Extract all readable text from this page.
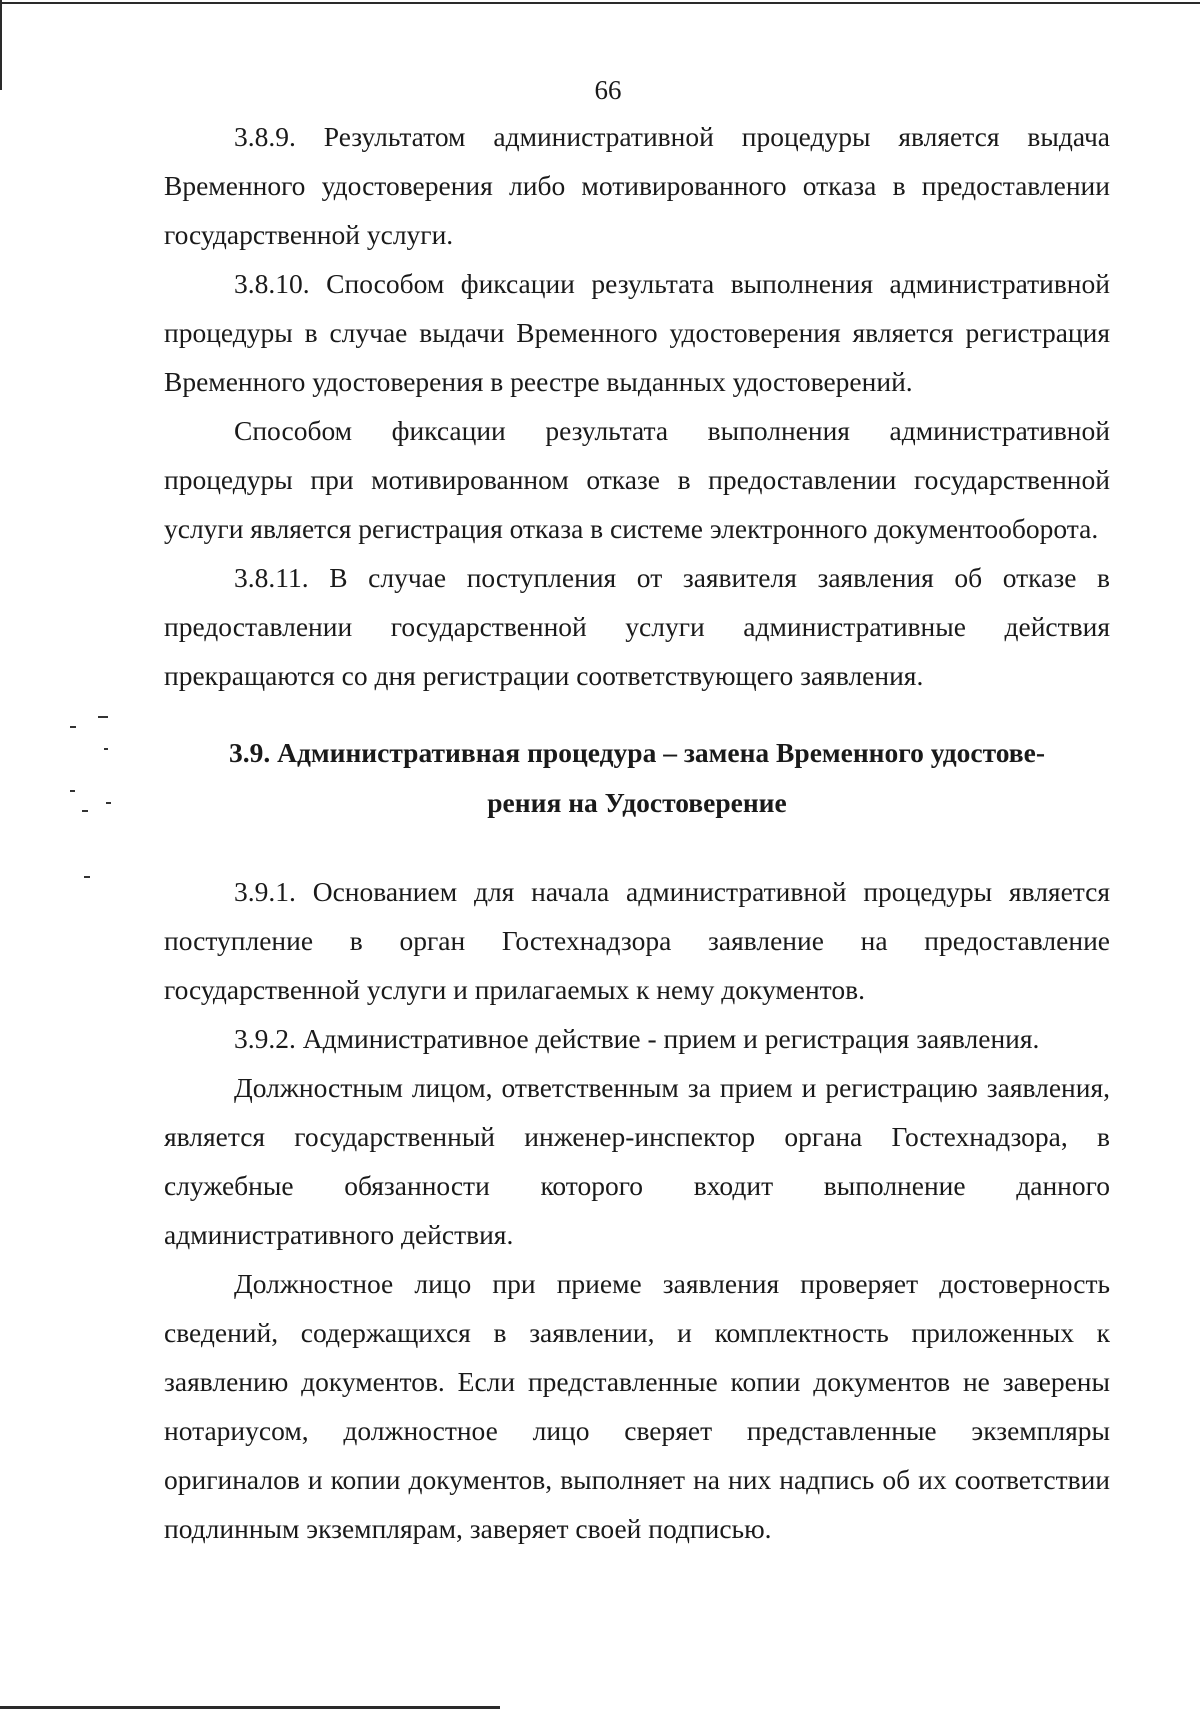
66

3.8.9. Результатом административной процедуры является выдача Временного удостоверения либо мотивированного отказа в предоставлении государственной услуги.

3.8.10. Способом фиксации результата выполнения административной процедуры в случае выдачи Временного удостоверения является регистрация Временного удостоверения в реестре выданных удостоверений.

Способом фиксации результата выполнения административной процедуры при мотивированном отказе в предоставлении государственной услуги является регистрация отказа в системе электронного документооборота.

3.8.11. В случае поступления от заявителя заявления об отказе в предоставлении государственной услуги административные действия прекращаются со дня регистрации соответствующего заявления.

3.9. Административная процедура – замена Временного удостове-
рения на Удостоверение

3.9.1. Основанием для начала административной процедуры является поступление в орган Гостехнадзора заявление на предоставление государственной услуги и прилагаемых к нему документов.

3.9.2. Административное действие - прием и регистрация заявления.

Должностным лицом, ответственным за прием и регистрацию заявления, является государственный инженер-инспектор органа Гостехнадзора, в служебные обязанности которого входит выполнение данного административного действия.

Должностное лицо при приеме заявления проверяет достоверность сведений, содержащихся в заявлении, и комплектность приложенных к заявлению документов. Если представленные копии документов не заверены нотариусом, должностное лицо сверяет представленные экземпляры оригиналов и копии документов, выполняет на них надпись об их соответствии подлинным экземплярам, заверяет своей подписью.
